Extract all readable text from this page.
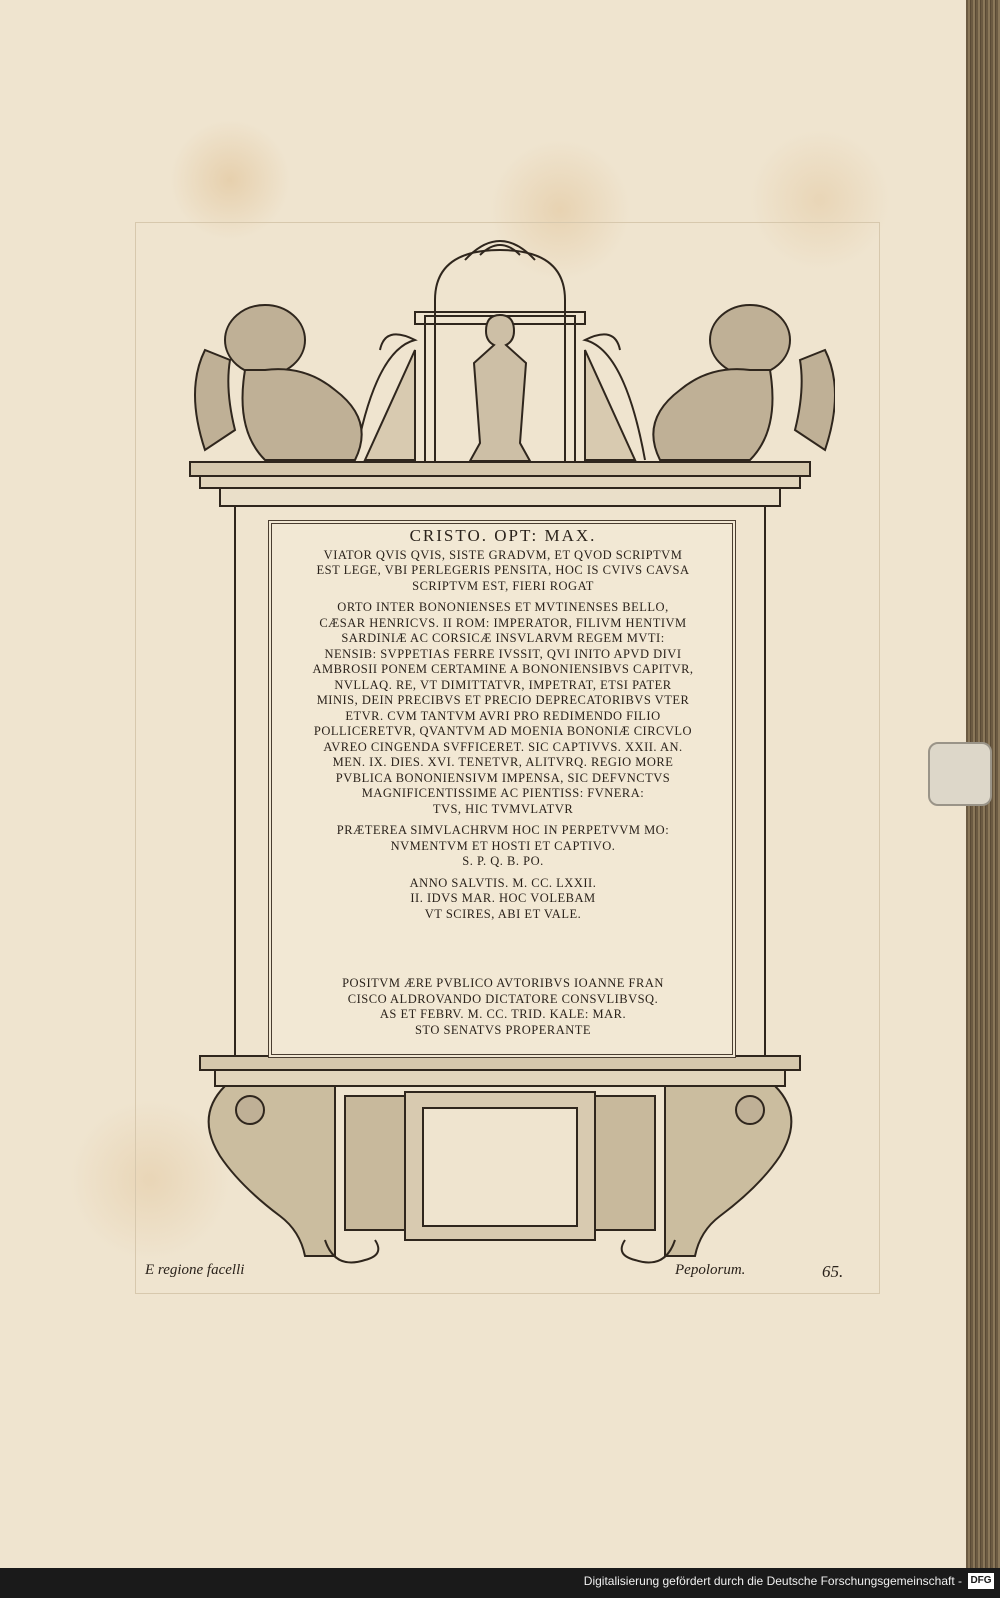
CRISTO. OPT: MAX.

VIATOR QVIS QVIS, SISTE GRADVM, ET QVOD SCRIPTVM

EST LEGE, VBI PERLEGERIS PENSITA, HOC IS CVIVS CAVSA

SCRIPTVM EST, FIERI ROGAT

ORTO INTER BONONIENSES ET MVTINENSES BELLO,

CÆSAR HENRICVS. II ROM: IMPERATOR, FILIVM HENTIVM

SARDINIÆ AC CORSICÆ INSVLARVM REGEM MVTI:

NENSIB: SVPPETIAS FERRE IVSSIT, QVI INITO APVD DIVI

AMBROSII PONEM CERTAMINE A BONONIENSIBVS CAPITVR,

NVLLAQ. RE, VT DIMITTATVR, IMPETRAT, ETSI PATER

MINIS, DEIN PRECIBVS ET PRECIO DEPRECATORIBVS VTER

ETVR. CVM TANTVM AVRI PRO REDIMENDO FILIO

POLLICERETVR, QVANTVM AD MOENIA BONONIÆ CIRCVLO

AVREO CINGENDA SVFFICERET. SIC CAPTIVVS. XXII. AN.

MEN. IX. DIES. XVI. TENETVR, ALITVRQ. REGIO MORE

PVBLICA BONONIENSIVM IMPENSA, SIC DEFVNCTVS

MAGNIFICENTISSIME AC PIENTISS: FVNERA:

TVS, HIC TVMVLATVR

PRÆTEREA SIMVLACHRVM HOC IN PERPETVVM MO:

NVMENTVM ET HOSTI ET CAPTIVO.

S. P. Q. B. PO.

ANNO SALVTIS. M. CC. LXXII.

II. IDVS MAR. HOC VOLEBAM

VT SCIRES, ABI ET VALE.

POSITVM ÆRE PVBLICO AVTORIBVS IOANNE FRAN

CISCO ALDROVANDO DICTATORE CONSVLIBVSQ.

AS ET FEBRV. M. CC. TRID. KALE: MAR.

STO SENATVS PROPERANTE

E regione facelli	Pepolorum.	65.
Digitalisierung gefördert durch die Deutsche Forschungsgemeinschaft - DFG
